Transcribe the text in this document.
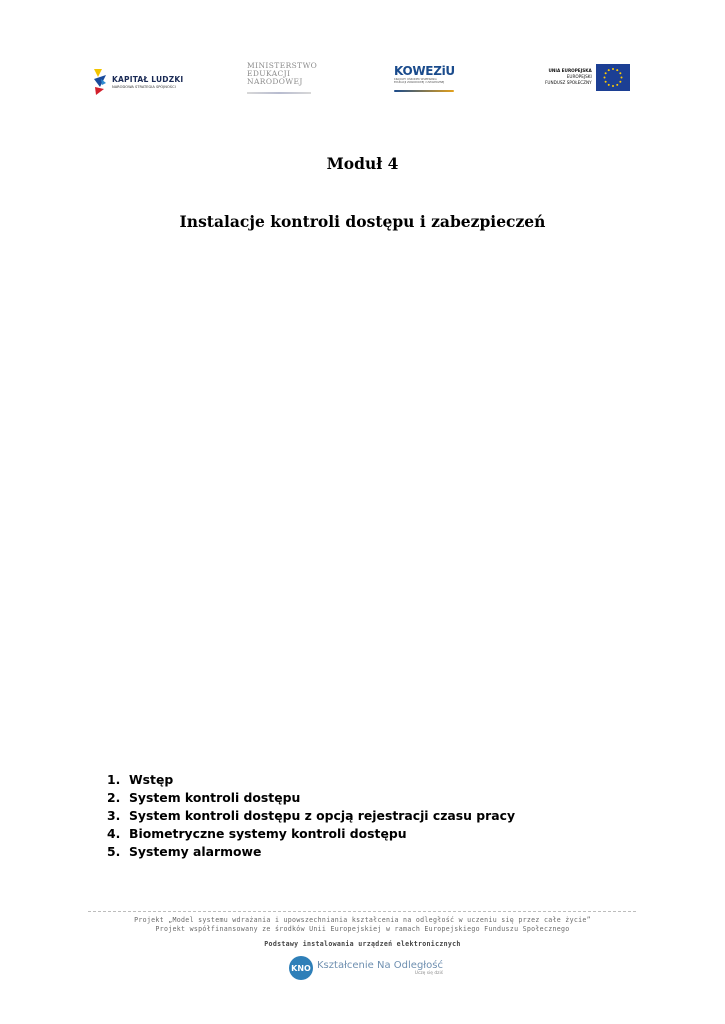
KAPITAŁ LUDZKI
NARODOWA STRATEGIA SPÓJNOŚCI
MINISTERSTWO
EDUKACJI
NARODOWEJ
KOWEZiU
KRAJOWY OŚRODEK WSPIERANIA
EDUKACJI ZAWODOWEJ i USTAWICZNEJ
UNIA EUROPEJSKA
EUROPEJSKI
FUNDUSZ SPOŁECZNY
Moduł 4
Instalacje kontroli dostępu i zabezpieczeń
1. Wstęp
2. System kontroli dostępu
3. System kontroli dostępu z opcją rejestracji czasu pracy
4. Biometryczne systemy kontroli dostępu
5. Systemy alarmowe
Projekt „Model systemu wdrażania i upowszechniania kształcenia na odległość w uczeniu się przez całe życie”
Projekt współfinansowany ze środków Unii Europejskiej w ramach Europejskiego Funduszu Społecznego
Podstawy instalowania urządzeń elektronicznych
KNO Kształcenie Na Odległość
Uczę się dziś
